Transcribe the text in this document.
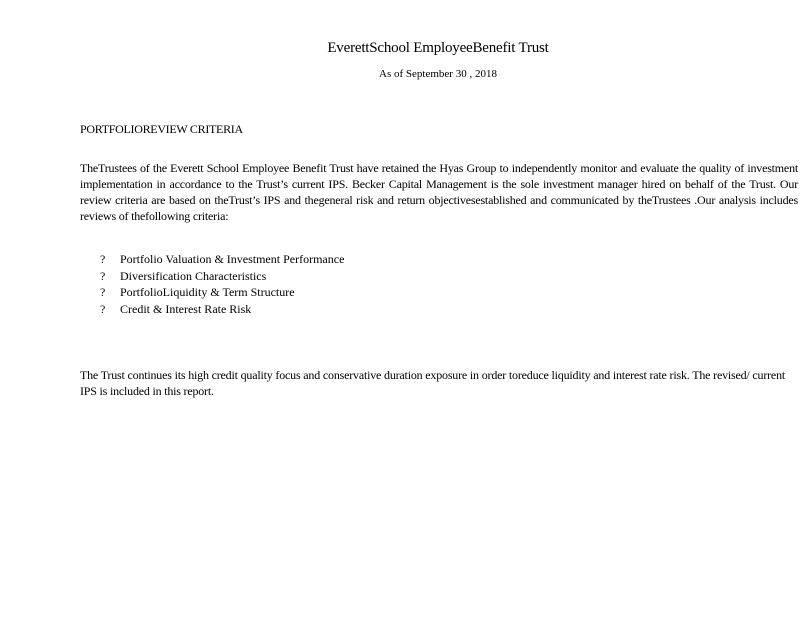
EverettSchool EmployeeBenefit Trust
As of September 30 , 2018
PORTFOLIOREVIEW CRITERIA

TheTrustees of the Everett School Employee Benefit Trust have retained the Hyas Group to independently monitor and evaluate the quality of investment implementation in accordance to the Trust’s current IPS. Becker Capital Management is the sole investment manager hired on behalf of the Trust. Our review criteria are based on theTrust’s IPS and thegeneral risk and return objectivesestablished and communicated by theTrustees .Our analysis includes reviews of thefollowing criteria:

?	Portfolio Valuation & Investment Performance
?	Diversification Characteristics
?	PortfolioLiquidity & Term Structure
?	Credit & Interest Rate Risk

The Trust continues its high credit quality focus and conservative duration exposure in order toreduce liquidity and interest rate risk. The revised/ current IPS is included in this report.
